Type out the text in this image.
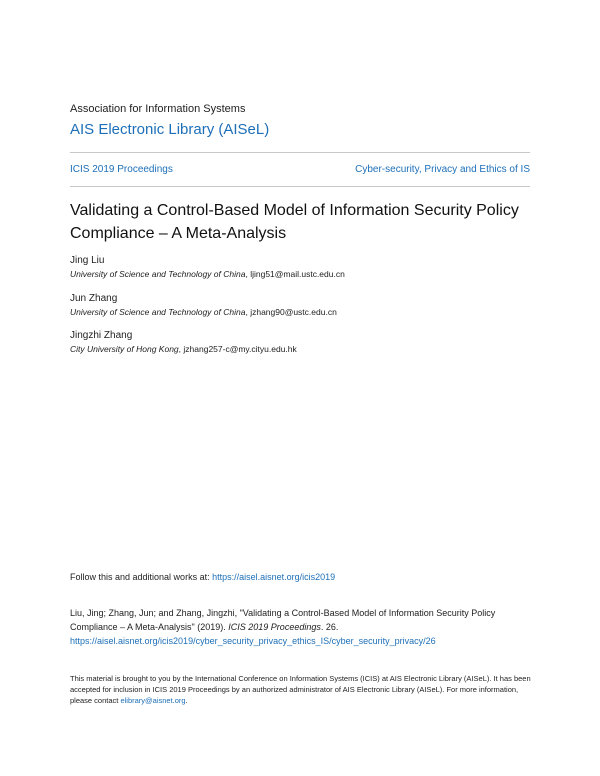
Association for Information Systems
AIS Electronic Library (AISeL)
ICIS 2019 Proceedings	Cyber-security, Privacy and Ethics of IS
Validating a Control-Based Model of Information Security Policy Compliance – A Meta-Analysis
Jing Liu
University of Science and Technology of China, ljing51@mail.ustc.edu.cn
Jun Zhang
University of Science and Technology of China, jzhang90@ustc.edu.cn
Jingzhi Zhang
City University of Hong Kong, jzhang257-c@my.cityu.edu.hk
Follow this and additional works at: https://aisel.aisnet.org/icis2019
Liu, Jing; Zhang, Jun; and Zhang, Jingzhi, "Validating a Control-Based Model of Information Security Policy Compliance – A Meta-Analysis" (2019). ICIS 2019 Proceedings. 26.
https://aisel.aisnet.org/icis2019/cyber_security_privacy_ethics_IS/cyber_security_privacy/26
This material is brought to you by the International Conference on Information Systems (ICIS) at AIS Electronic Library (AISeL). It has been accepted for inclusion in ICIS 2019 Proceedings by an authorized administrator of AIS Electronic Library (AISeL). For more information, please contact elibrary@aisnet.org.
